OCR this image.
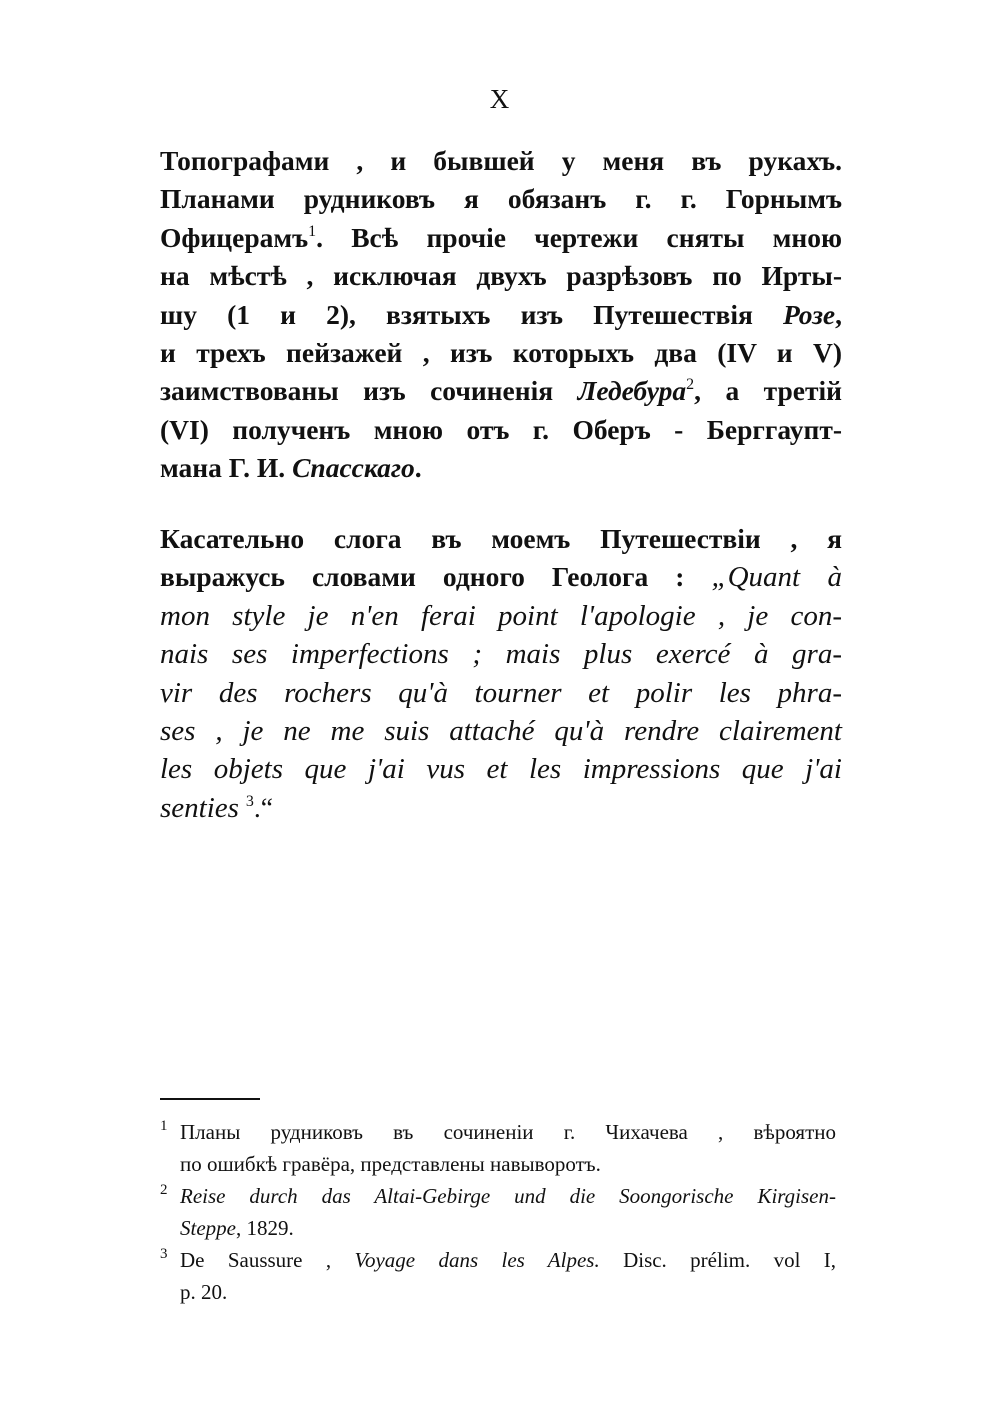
X
Топографами , и бывшей у меня въ рукахъ.
Планами рудниковъ я обязанъ г. г. Горнымъ
Офицерамъ$^1$. Всѣ прочіе чертежи сняты мною
на мѣстѣ , исключая двухъ разрѣзовъ по Ирты-
шу (1 и 2), взятыхъ изъ Путешествія Розе,
и трехъ пейзажей , изъ которыхъ два (IV и V)
заимствованы изъ сочиненія Ледебура$^2$, а третій
(VI) полученъ мною отъ г. Оберъ - Берггаупт-
мана Г. И. Спасскаго.
Касательно слога въ моемъ Путешествіи , я
выражусь словами одного Геолога : „Quant à
mon style je n'en ferai point l'apologie , je con-
nais ses imperfections ; mais plus exercé à gra-
vir des rochers qu'à tourner et polir les phra-
ses , je ne me suis attaché qu'à rendre clairement
les objets que j'ai vus et les impressions que j'ai
senties $^3$.“
1 Планы рудниковъ въ сочиненіи г. Чихачева , вѣроятно
по ошибкѣ гравёра, представлены навыворотъ.
2 Reise durch das Altai-Gebirge und die Soongorische Kirgisen-
Steppe, 1829.
3 De Saussure , Voyage dans les Alpes. Disc. prélim. vol I,
p. 20.
